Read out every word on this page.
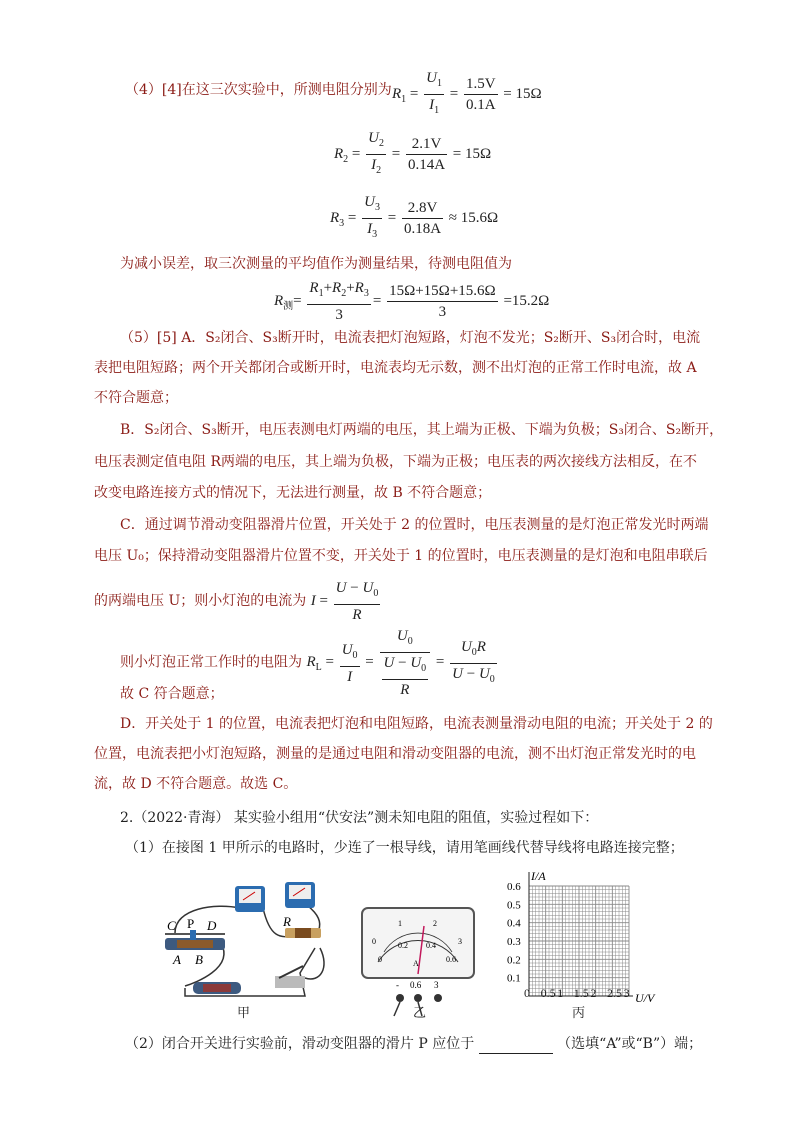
（4）[4]在这三次实验中，所测电阻分别为 $R_1 = \frac{U_1}{I_1} = \frac{1.5V}{0.1A} = 15\Omega$
$R_2 = \frac{U_2}{I_2} = \frac{2.1V}{0.14A} = 15\Omega$
$R_3 = \frac{U_3}{I_3} = \frac{2.8V}{0.18A} \approx 15.6\Omega$
为减小误差，取三次测量的平均值作为测量结果，待测电阻值为
$R_测= \frac{R_1+R_2+R_3}{3} = \frac{15\Omega+15\Omega+15.6\Omega}{3} =15.2\Omega$
（5）[5] A．S₂闭合、S₃断开时，电流表把灯泡短路，灯泡不发光；S₂断开、S₃闭合时，电流
表把电阻短路；两个开关都闭合或断开时，电流表均无示数，测不出灯泡的正常工作时电流，故 A
不符合题意；
B．S₂闭合、S₃断开，电压表测电灯两端的电压，其上端为正极、下端为负极；S₃闭合、S₂断开，
电压表测定值电阻 R两端的电压，其上端为负极，下端为正极；电压表的两次接线方法相反，在不
改变电路连接方式的情况下，无法进行测量，故 B 不符合题意；
C．通过调节滑动变阻器滑片位置，开关处于 2 的位置时，电压表测量的是灯泡正常发光时两端
电压 U₀；保持滑动变阻器滑片位置不变，开关处于 1 的位置时，电压表测量的是灯泡和电阻串联后
的两端电压 U；则小灯泡的电流为 $I = \frac{U - U_0}{R}$
则小灯泡正常工作时的电阻为 $R_L = \frac{U_0}{I} = \frac{U_0}{\frac{U - U_0}{R}} = \frac{U_0R}{U - U_0}$
故 C 符合题意；
D．开关处于 1 的位置，电流表把灯泡和电阻短路，电流表测量滑动电阻的电流；开关处于 2 的
位置，电流表把小灯泡短路，测量的是通过电阻和滑动变阻器的电流，测不出灯泡正常发光时的电
流，故 D 不符合题意。故选 C。
2.（2022·青海） 某实验小组用“伏安法”测未知电阻的阻值，实验过程如下：
（1）在接图 1 甲所示的电路时，少连了一根导线，请用笔画线代替导线将电路连接完整；
C P D
A B
R
甲
0
1	2
3
0
0.2 0.4
0.6
A
- 0.6 3
乙
I/A
U/V
0.6
0.5
0.4
0.3
0.2
0.1
0 0.5 1 1.5 2 2.5 3
丙
（2）闭合开关进行实验前，滑动变阻器的滑片 P 应位于	（选填“A”或“B”）端；
